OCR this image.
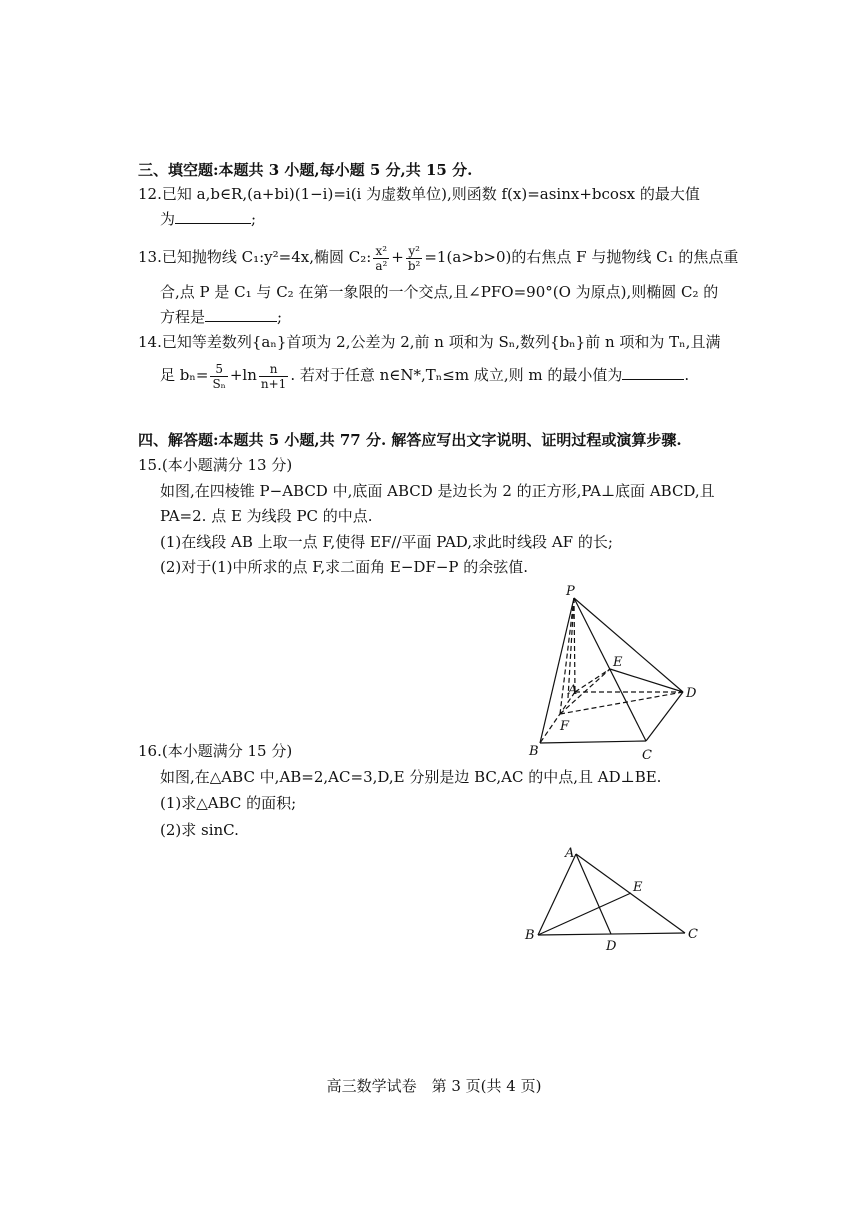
三、填空题:本题共 3 小题,每小题 5 分,共 15 分.
12.已知 a,b∈R,(a+bi)(1−i)=i(i 为虚数单位),则函数 f(x)=asinx+bcosx 的最大值
为	;
13.已知抛物线 C₁:y²=4x,椭圆 C₂: $\frac{\text{x²}}{\text{a²}} + \frac{\text{y²}}{\text{b²}} =1(a>b>0)$的右焦点 F 与抛物线 C₁ 的焦点重
合,点 P 是 C₁ 与 C₂ 在第一象限的一个交点,且∠PFO=90°(O 为原点),则椭圆 C₂ 的
方程是	;
14.已知等差数列{aₙ}首项为 2,公差为 2,前 n 项和为 Sₙ,数列{bₙ}前 n 项和为 Tₙ,且满
足 $b_n= \frac{5}{\text{Sₙ}} +\ln \frac{n}{n+1}$ . 若对于任意 n∈N*,Tₙ≤m 成立,则 m 的最小值为	.
四、解答题:本题共 5 小题,共 77 分. 解答应写出文字说明、证明过程或演算步骤.
15.(本小题满分 13 分)
如图,在四棱锥 P−ABCD 中,底面 ABCD 是边长为 2 的正方形,PA⊥底面 ABCD,且
PA=2. 点 E 为线段 PC 的中点.
(1)在线段 AB 上取一点 F,使得 EF//平面 PAD,求此时线段 AF 的长;
(2)对于(1)中所求的点 F,求二面角 E−DF−P 的余弦值.
P
E
A	D
F
B	C
16.(本小题满分 15 分)
如图,在△ABC 中,AB=2,AC=3,D,E 分别是边 BC,AC 的中点,且 AD⊥BE.
(1)求△ABC 的面积;
(2)求 sinC.
A
E
B
D
C
高三数学试卷　第 3 页(共 4 页)
